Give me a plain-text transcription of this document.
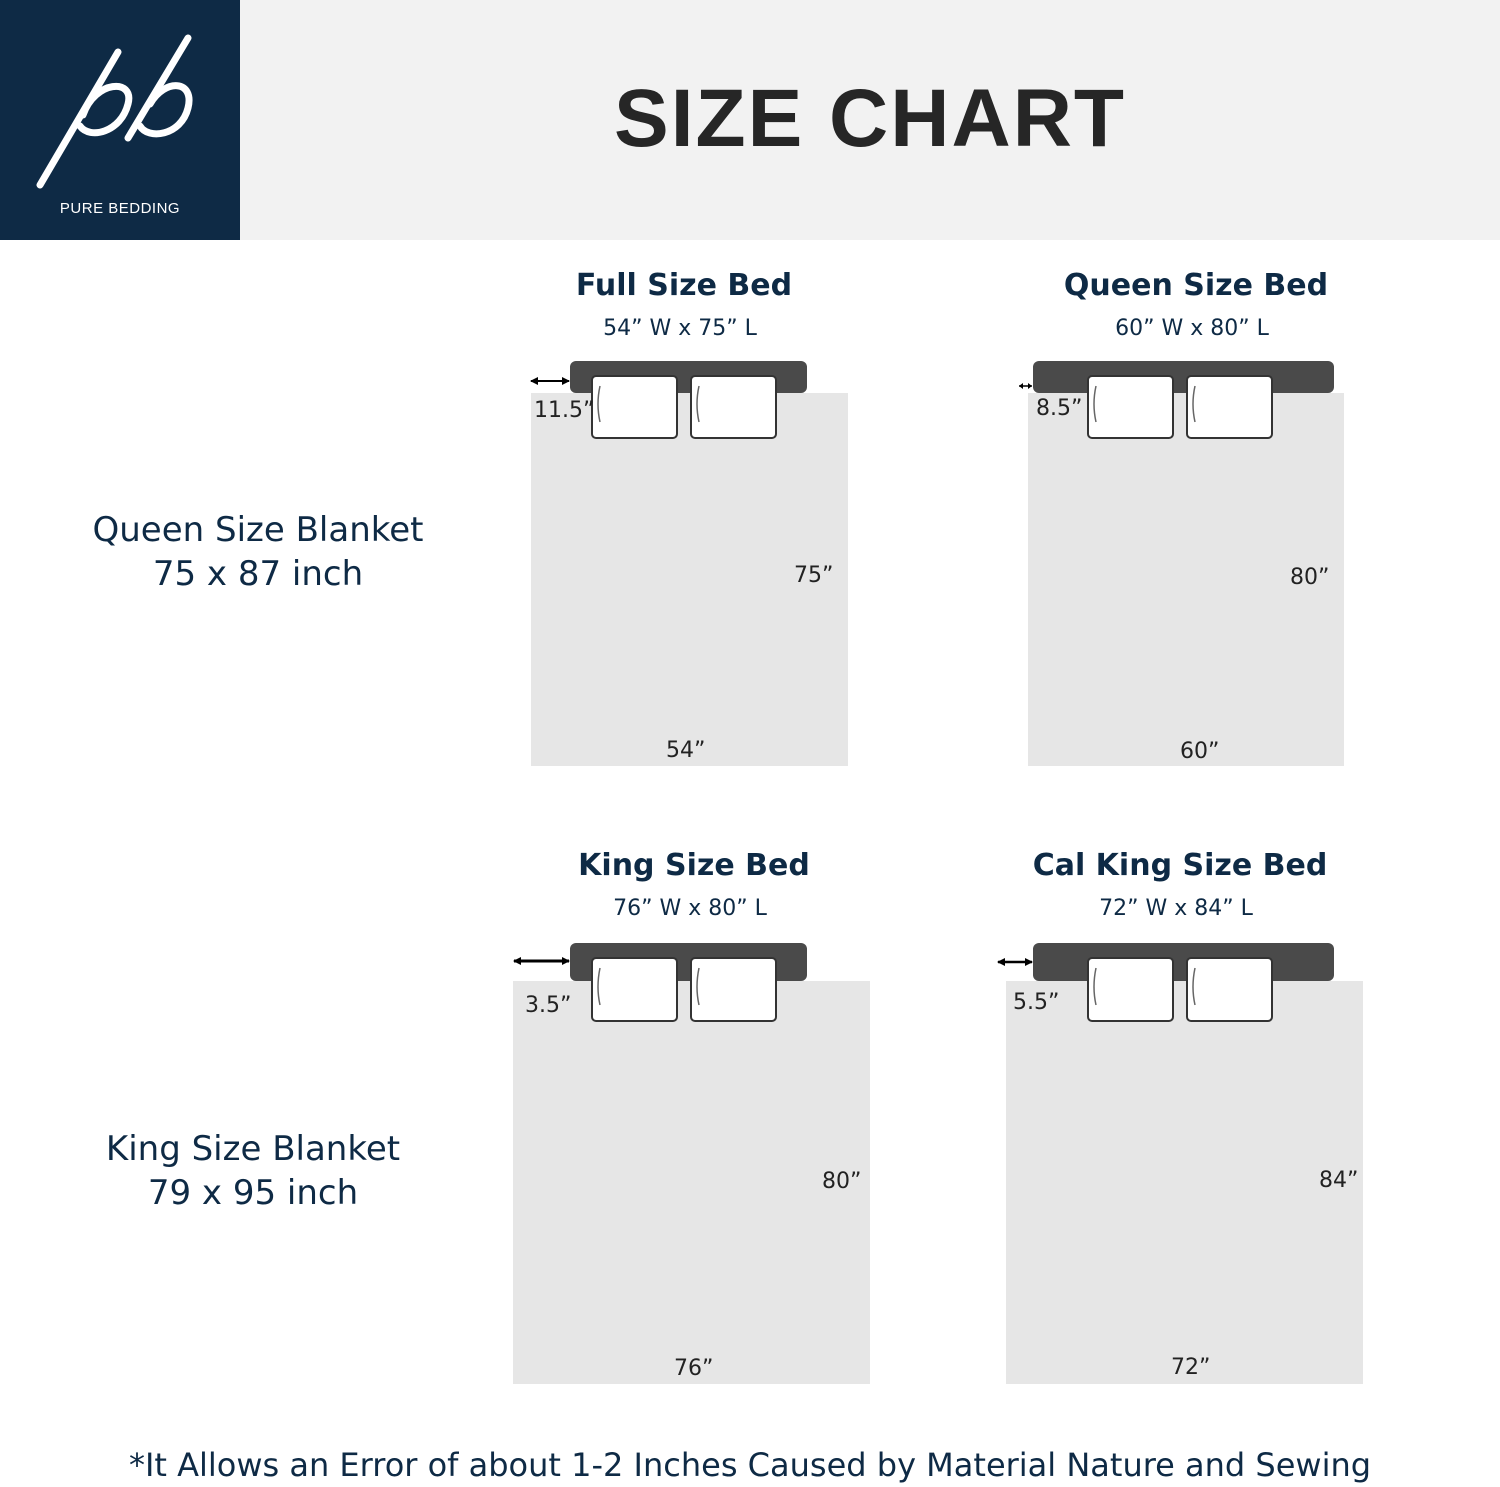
PURE BEDDING
SIZE CHART
Queen Size Blanket
75 x 87 inch
King Size Blanket
79 x 95 inch
Full Size Bed
54” W x 75” L
Queen Size Bed
60” W x 80” L
King Size Bed
76” W x 80” L
Cal King Size Bed
72” W x 84” L
11.5”
75”
54”
8.5”
80”
60”
3.5”
80”
76”
5.5”
84”
72”
*It Allows an Error of about 1-2 Inches Caused by Material Nature and Sewing
